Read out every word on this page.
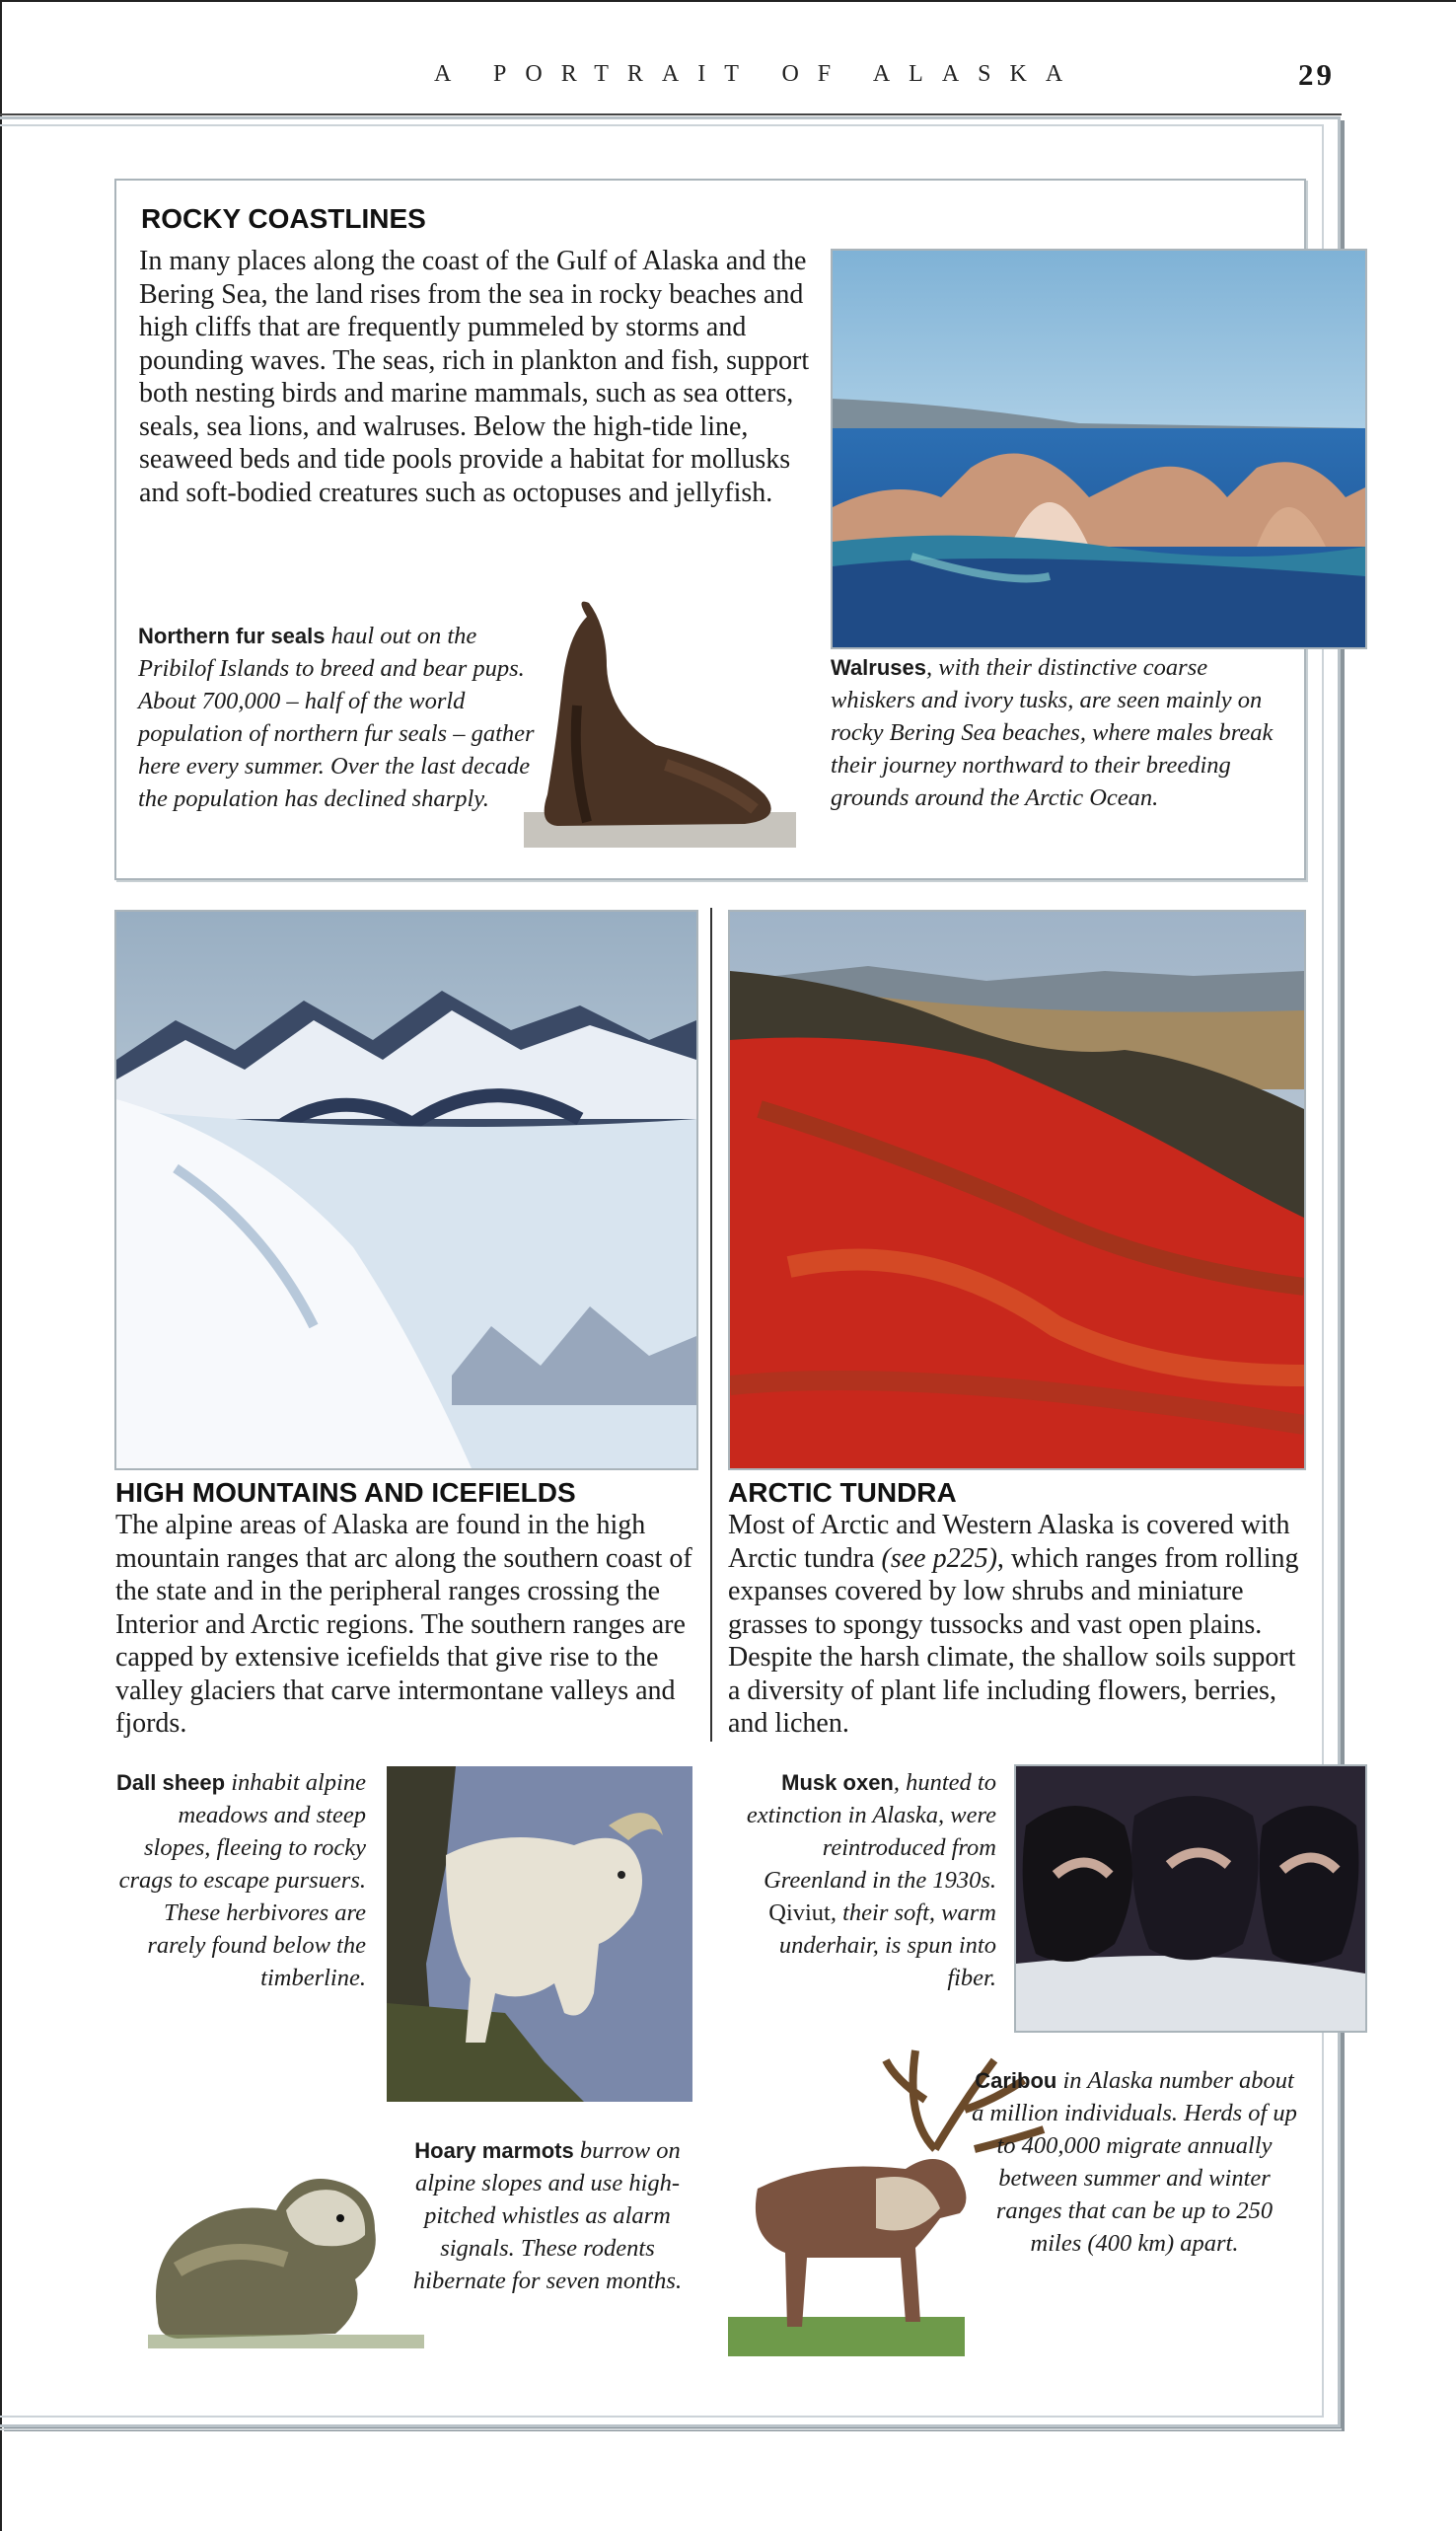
A PORTRAIT OF ALASKA	29
ROCKY COASTLINES
In many places along the coast of the Gulf of Alaska and the Bering Sea, the land rises from the sea in rocky beaches and high cliffs that are frequently pummeled by storms and pounding waves. The seas, rich in plankton and fish, support both nesting birds and marine mammals, such as sea otters, seals, sea lions, and walruses. Below the high-tide line, seaweed beds and tide pools provide a habitat for mollusks and soft-bodied creatures such as octopuses and jellyfish.
Northern fur seals haul out on the Pribilof Islands to breed and bear pups. About 700,000 – half of the world population of northern fur seals – gather here every summer. Over the last decade the population has declined sharply.
Walruses, with their distinctive coarse whiskers and ivory tusks, are seen mainly on rocky Bering Sea beaches, where males break their journey northward to their breeding grounds around the Arctic Ocean.
HIGH MOUNTAINS AND ICEFIELDS
The alpine areas of Alaska are found in the high mountain ranges that arc along the southern coast of the state and in the peripheral ranges crossing the Interior and Arctic regions. The southern ranges are capped by extensive icefields that give rise to the valley glaciers that carve intermontane valleys and fjords.
ARCTIC TUNDRA
Most of Arctic and Western Alaska is covered with Arctic tundra (see p225), which ranges from rolling expanses covered by low shrubs and miniature grasses to spongy tussocks and vast open plains. Despite the harsh climate, the shallow soils support a diversity of plant life including flowers, berries, and lichen.
Dall sheep inhabit alpine meadows and steep slopes, fleeing to rocky crags to escape pursuers. These herbivores are rarely found below the timberline.
Musk oxen, hunted to extinction in Alaska, were reintroduced from Greenland in the 1930s. Qiviut, their soft, warm underhair, is spun into fiber.
Hoary marmots burrow on alpine slopes and use high-pitched whistles as alarm signals. These rodents hibernate for seven months.
Caribou in Alaska number about a million individuals. Herds of up to 400,000 migrate annually between summer and winter ranges that can be up to 250 miles (400 km) apart.
